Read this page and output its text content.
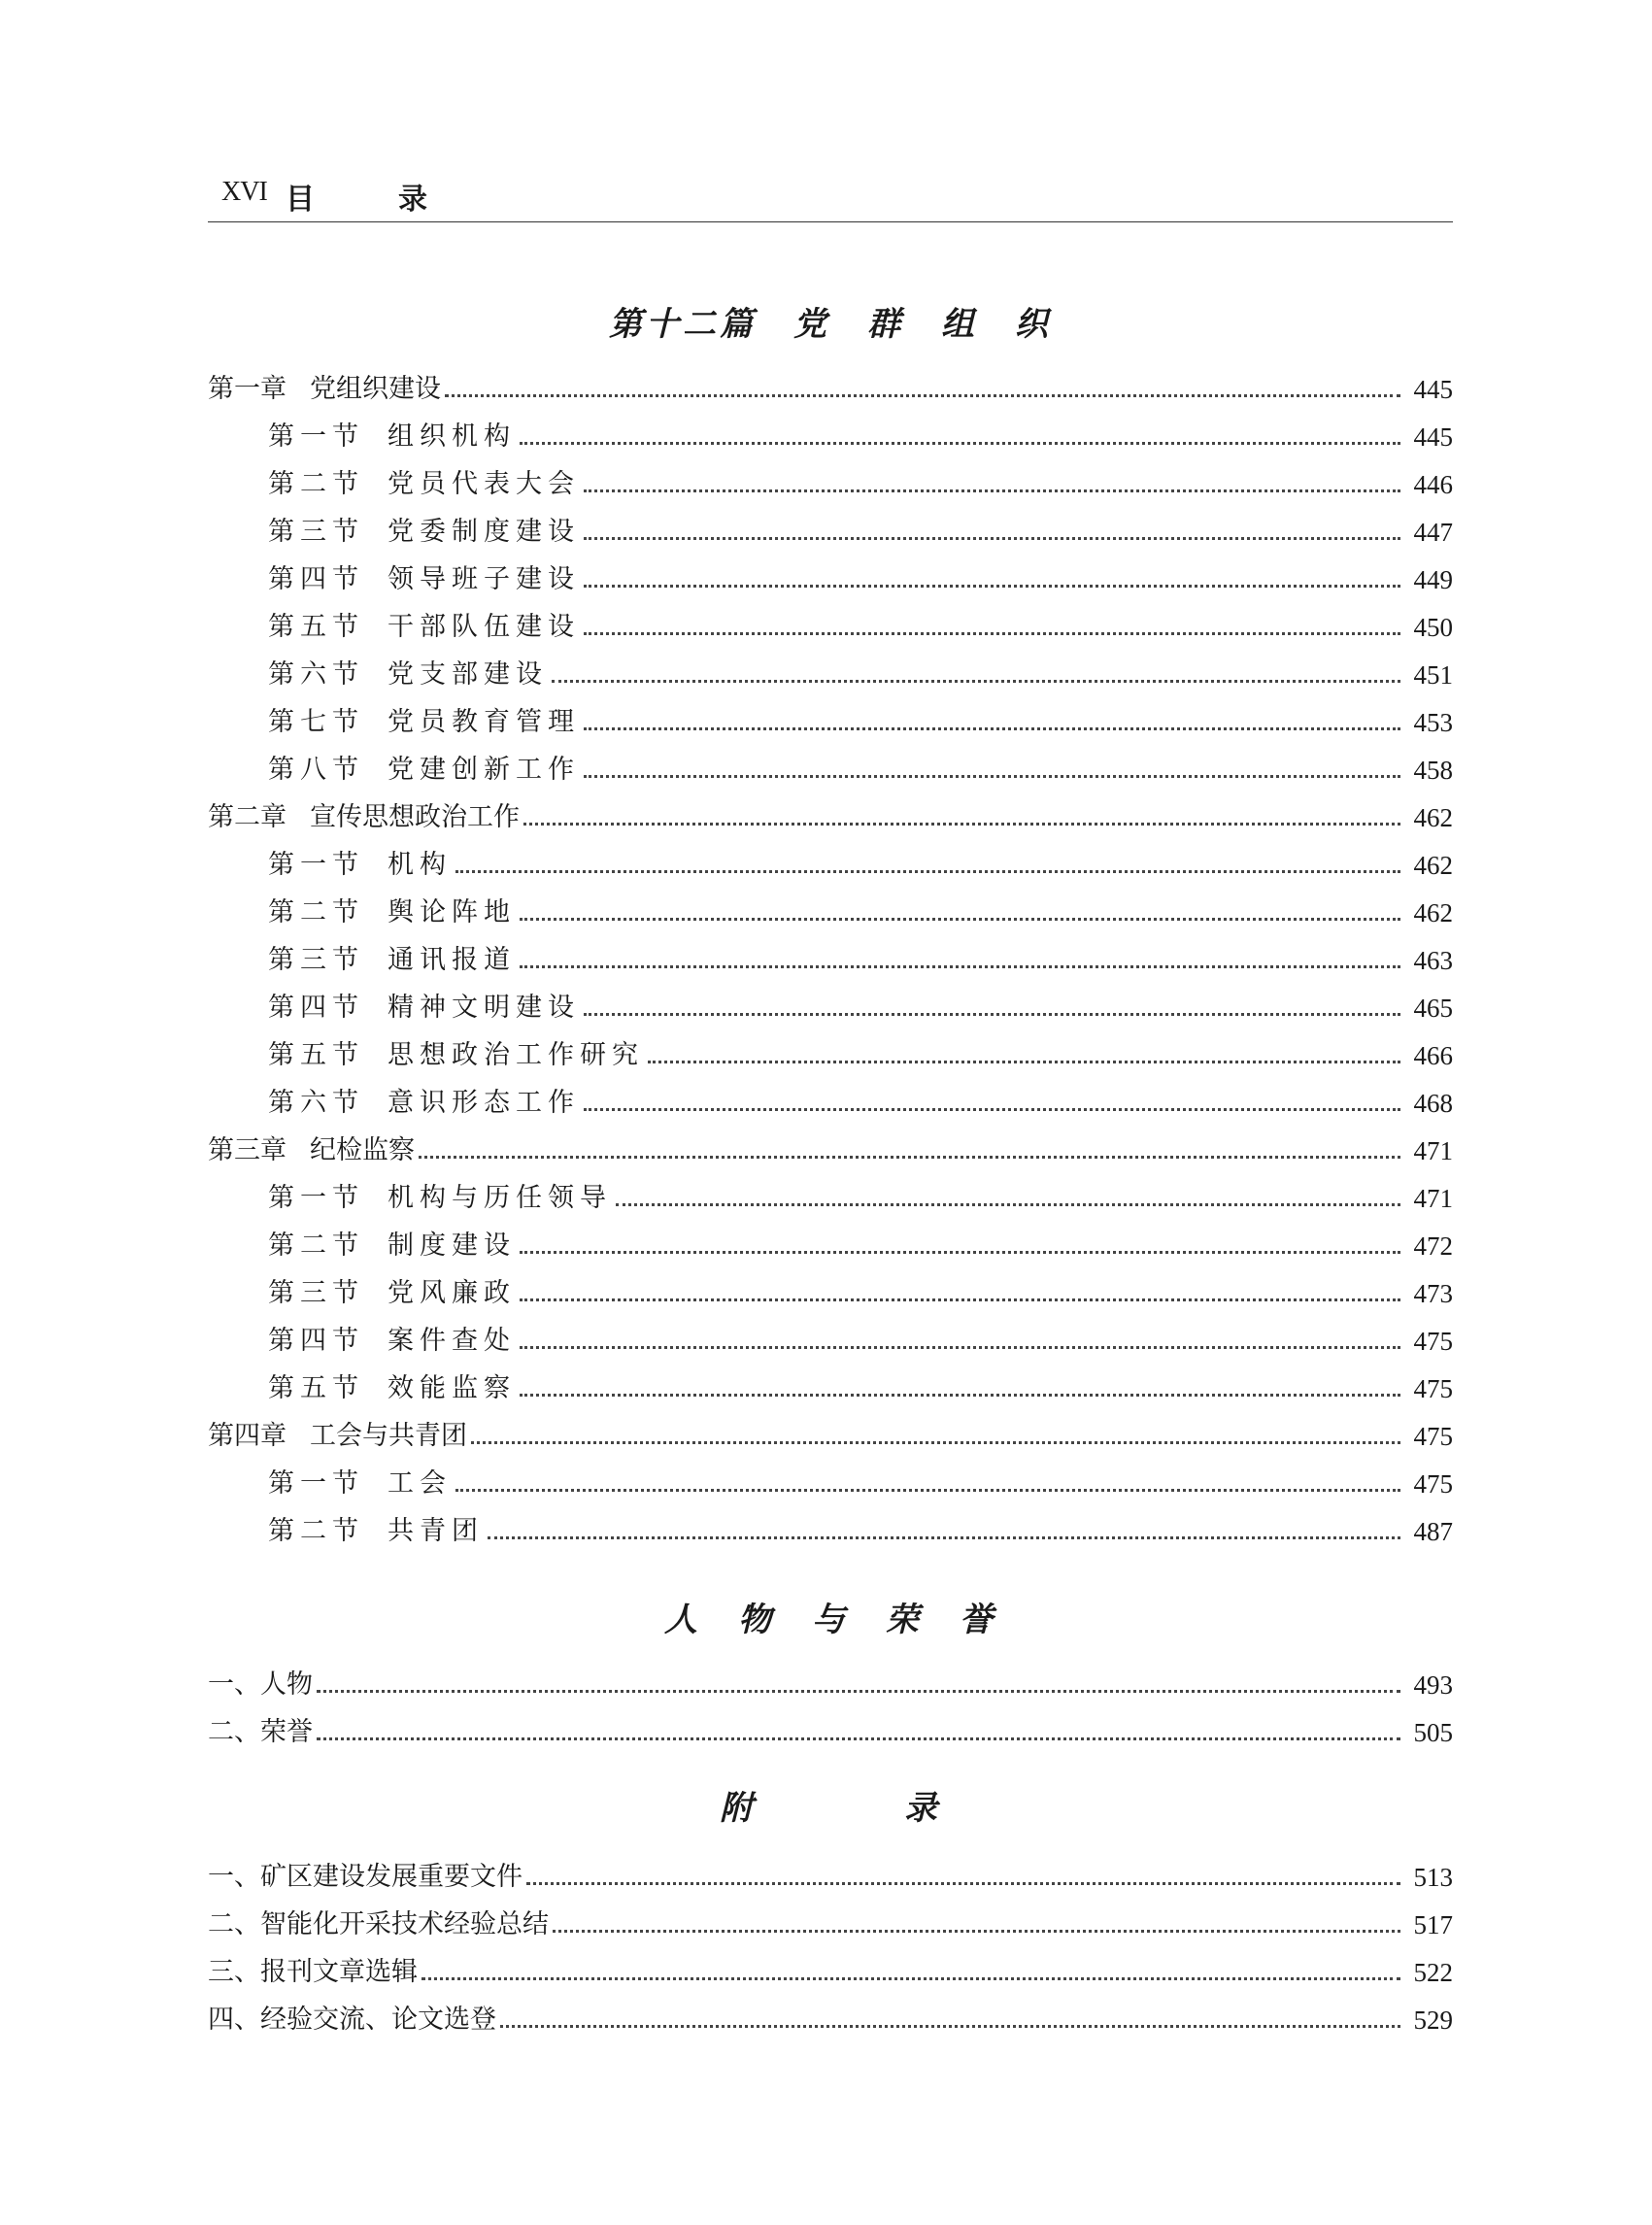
XVI 目	录
第十二篇　党　群　组　织
第一章 党组织建设	445
第一节 组织机构	445
第二节 党员代表大会	446
第三节 党委制度建设	447
第四节 领导班子建设	449
第五节 干部队伍建设	450
第六节 党支部建设	451
第七节 党员教育管理	453
第八节 党建创新工作	458
第二章 宣传思想政治工作	462
第一节 机构	462
第二节 舆论阵地	462
第三节 通讯报道	463
第四节 精神文明建设	465
第五节 思想政治工作研究	466
第六节 意识形态工作	468
第三章 纪检监察	471
第一节 机构与历任领导	471
第二节 制度建设	472
第三节 党风廉政	473
第四节 案件查处	475
第五节 效能监察	475
第四章 工会与共青团	475
第一节 工会	475
第二节 共青团	487
人　物　与　荣　誉
一、人物	493
二、荣誉	505
附　　　　录
一、矿区建设发展重要文件	513
二、智能化开采技术经验总结	517
三、报刊文章选辑	522
四、经验交流、论文选登	529
